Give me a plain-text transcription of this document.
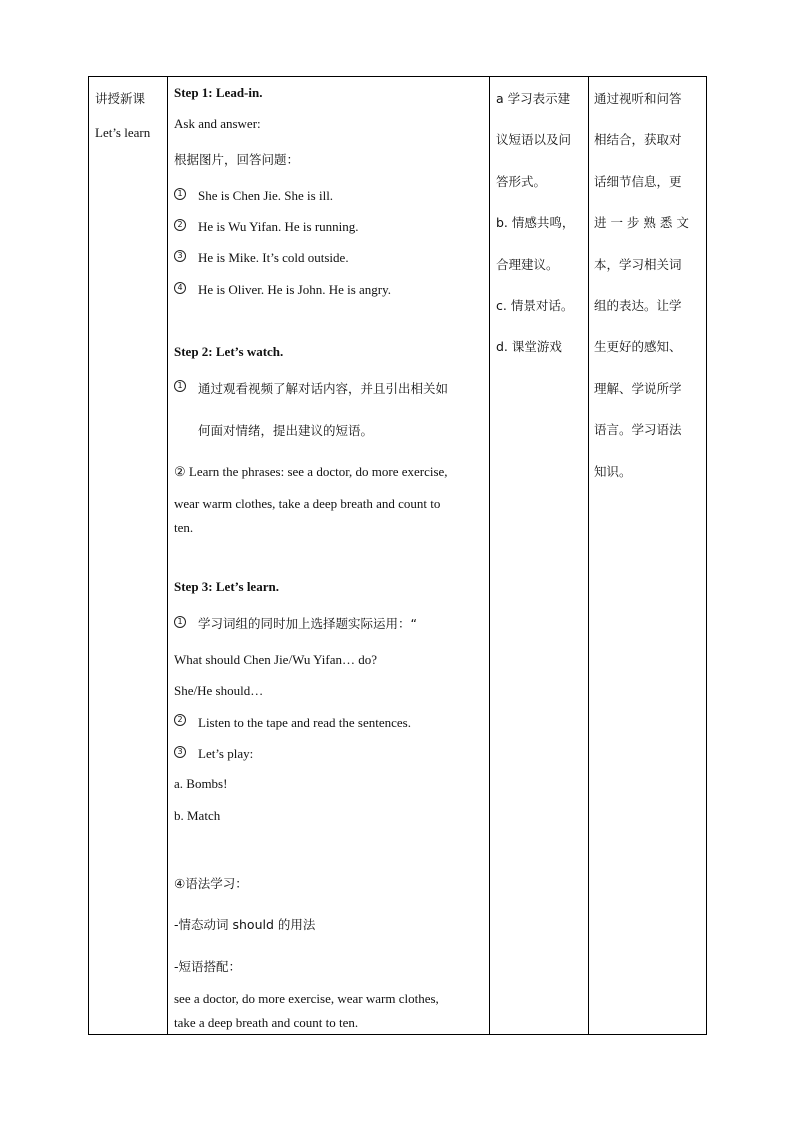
讲授新课
Let’s learn
Step 1: Lead-in.
Ask and answer:
根据图片，回答问题：
1 She is Chen Jie. She is ill.
2 He is Wu Yifan. He is running.
3 He is Mike. It’s cold outside.
4 He is Oliver. He is John. He is angry.
Step 2: Let’s watch.
1 通过观看视频了解对话内容，并且引出相关如
何面对情绪，提出建议的短语。
② Learn the phrases: see a doctor, do more exercise,
wear warm clothes, take a deep breath and count to
ten.
Step 3: Let’s learn.
1 学习词组的同时加上选择题实际运用：“
What should Chen Jie/Wu Yifan… do?
She/He should…
2 Listen to the tape and read the sentences.
3 Let’s play:
a. Bombs!
b. Match
④语法学习：
-情态动词 should 的用法
-短语搭配：
see a doctor, do more exercise, wear warm clothes,
take a deep breath and count to ten.
a 学习表示建
议短语以及问
答形式。
b. 情感共鸣，
合理建议。
c. 情景对话。
d. 课堂游戏
通过视听和问答
相结合，获取对
话细节信息，更
进 一 步 熟 悉 文
本，学习相关词
组的表达。让学
生更好的感知、
理解、学说所学
语言。学习语法
知识。
